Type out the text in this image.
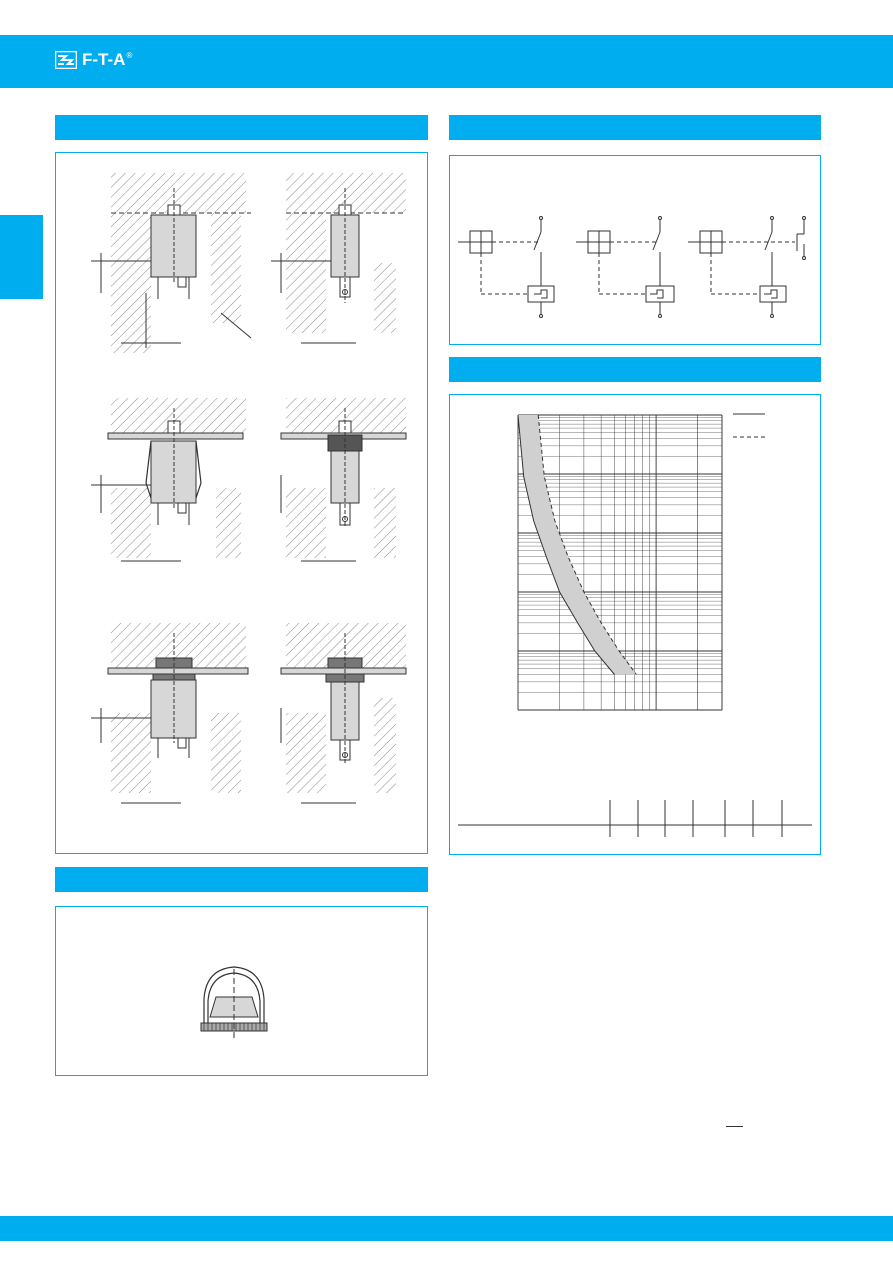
F-T-A ®
